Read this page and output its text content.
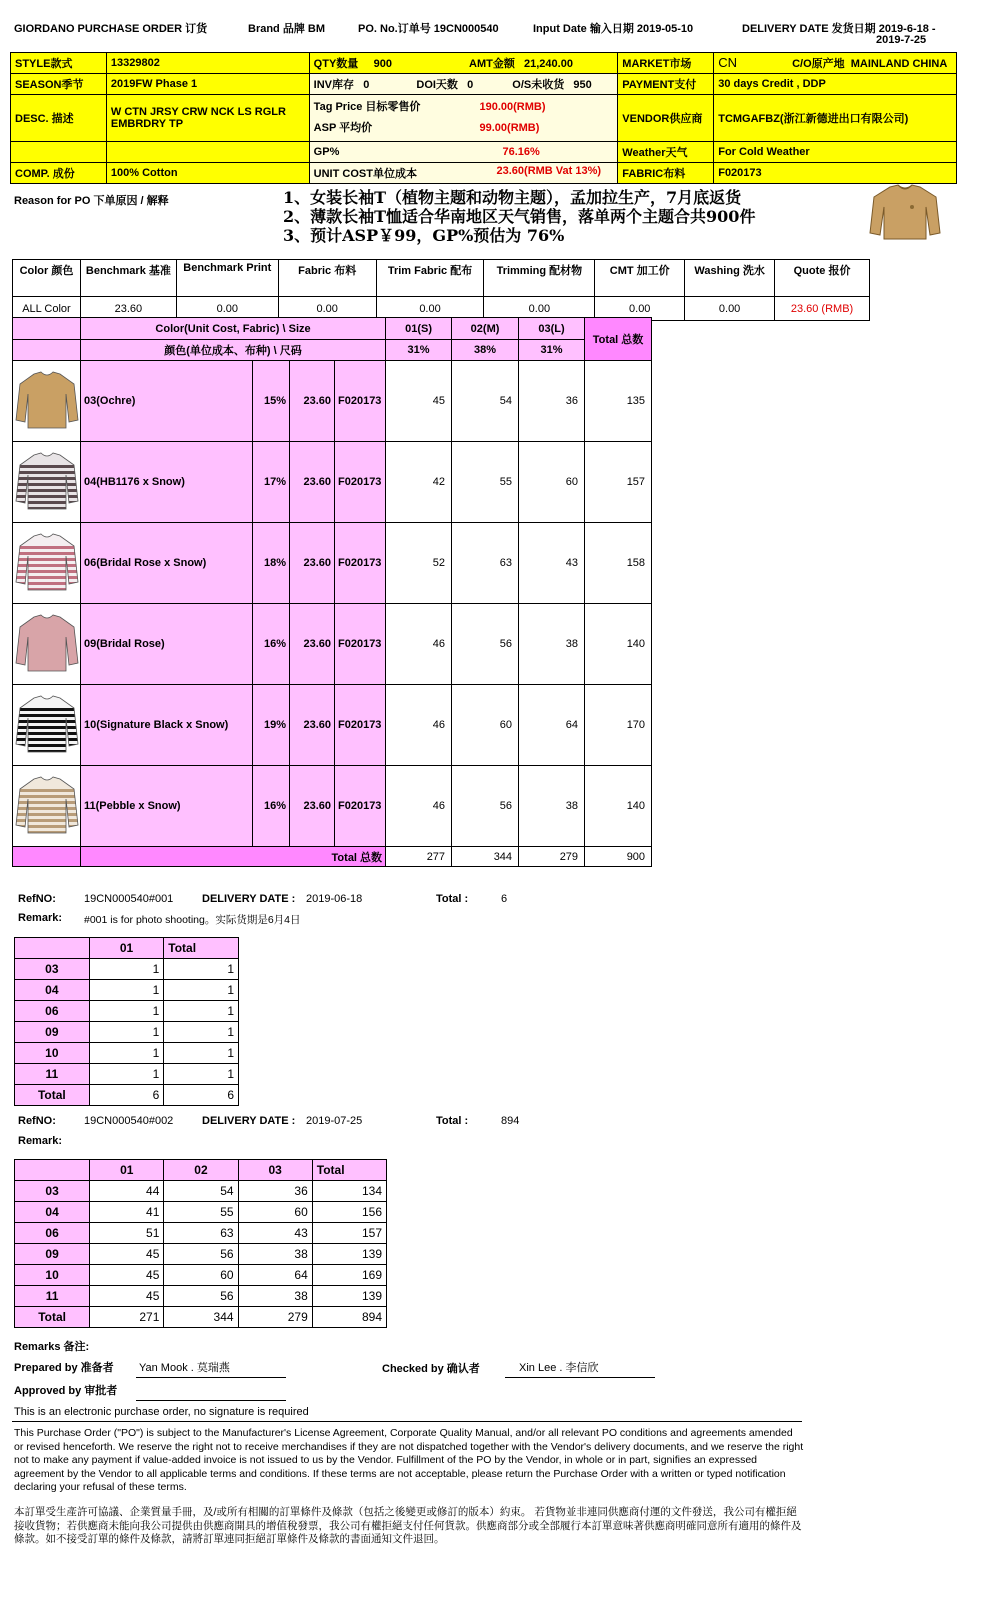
GIORDANO PURCHASE ORDER 订货	Brand 品牌 BM	PO. No.订单号 19CN000540	Input Date 输入日期 2019-05-10	DELIVERY DATE 发货日期 2019-6-18 -
2019-7-25
STYLE款式	13329802	QTY数量 900 AMT金额 21,240.00	MARKET市场	CN C/O原产地 MAINLAND CHINA
SEASON季节	2019FW Phase 1	INV库存 0 DOI天数 0 O/S未收货 950	PAYMENT支付	30 days Credit , DDP
DESC. 描述	W CTN JRSY CRW NCK LS RGLR EMBRDRY TP	Tag Price 目标零售价 190.00(RMB)
ASP 平均价 99.00(RMB)	VENDOR供应商	TCMGAFBZ(浙江新德进出口有限公司)
		GP% 76.16%	Weather天气	For Cold Weather
COMP. 成份	100% Cotton	UNIT COST单位成本 23.60(RMB Vat 13%)	FABRIC布料	F020173
Reason for PO 下单原因 / 解释	1、女装长袖T（植物主题和动物主题），孟加拉生产，7月底返货
2、薄款长袖T恤适合华南地区天气销售，落单两个主题合共900件
3、预计ASP￥99，GP%预估为 76%
Color 颜色	Benchmark 基准	Benchmark Print	Fabric 布料	Trim Fabric 配布	Trimming 配材物	CMT 加工价	Washing 洗水	Quote 报价
ALL Color	23.60	0.00	0.00	0.00	0.00	0.00	0.00	23.60 (RMB)
	Color(Unit Cost, Fabric) \ Size				01(S)	02(M)	03(L)	Total 总数
	颜色(单位成本、布种) \ 尺码				31%	38%	31%	
	03(Ochre)	15%	23.60	F020173	45	54	36	135
	04(HB1176 x Snow)	17%	23.60	F020173	42	55	60	157
	06(Bridal Rose x Snow)	18%	23.60	F020173	52	63	43	158
	09(Bridal Rose)	16%	23.60	F020173	46	56	38	140
	10(Signature Black x Snow)	19%	23.60	F020173	46	60	64	170
	11(Pebble x Snow)	16%	23.60	F020173	46	56	38	140
	Total 总数				277	344	279	900
RefNO:	19CN000540#001	DELIVERY DATE : 2019-06-18	Total :	6
Remark: #001 is for photo shooting。实际货期是6月4日
	01	Total
03	1	1
04	1	1
06	1	1
09	1	1
10	1	1
11	1	1
Total	6	6
RefNO:	19CN000540#002	DELIVERY DATE : 2019-07-25	Total :	894
Remark:
	01	02	03	Total
03	44	54	36	134
04	41	55	60	156
06	51	63	43	157
09	45	56	38	139
10	45	60	64	169
11	45	56	38	139
Total	271	344	279	894
Remarks 备注:
Prepared by 准备者 Yan Mook . 莫瑞燕	Checked by 确认者	Xin Lee . 李信欣
Approved by 审批者
This is an electronic purchase order, no signature is required
This Purchase Order ("PO") is subject to the Manufacturer's License Agreement, Corporate Quality Manual, and/or all relevant PO conditions and agreements amended or revised henceforth. We reserve the right not to receive merchandises if they are not dispatched together with the Vendor's delivery documents, and we reserve the right not to make any payment if value-added invoice is not issued to us by the Vendor. Fulfillment of the PO by the Vendor, in whole or in part, signifies an expressed agreement by the Vendor to all applicable terms and conditions. If these terms are not acceptable, please return the Purchase Order with a written or typed notification declaring your refusal of these terms.
本訂單受生產許可協議、企業質量手冊，及/或所有相關的訂單條件及條款（包括之後變更或修訂的版本）約束。 若貨物並非連同供應商付運的文件發送，我公司有權拒絕接收貨物；若供應商未能向我公司提供由供應商開具的增值稅發票，我公司有權拒絕支付任何貨款。供應商部分或全部履行本訂單意味著供應商明確同意所有適用的條件及條款。如不接受訂單的條件及條款，請將訂單連同拒絕訂單條件及條款的書面通知文件退回。
